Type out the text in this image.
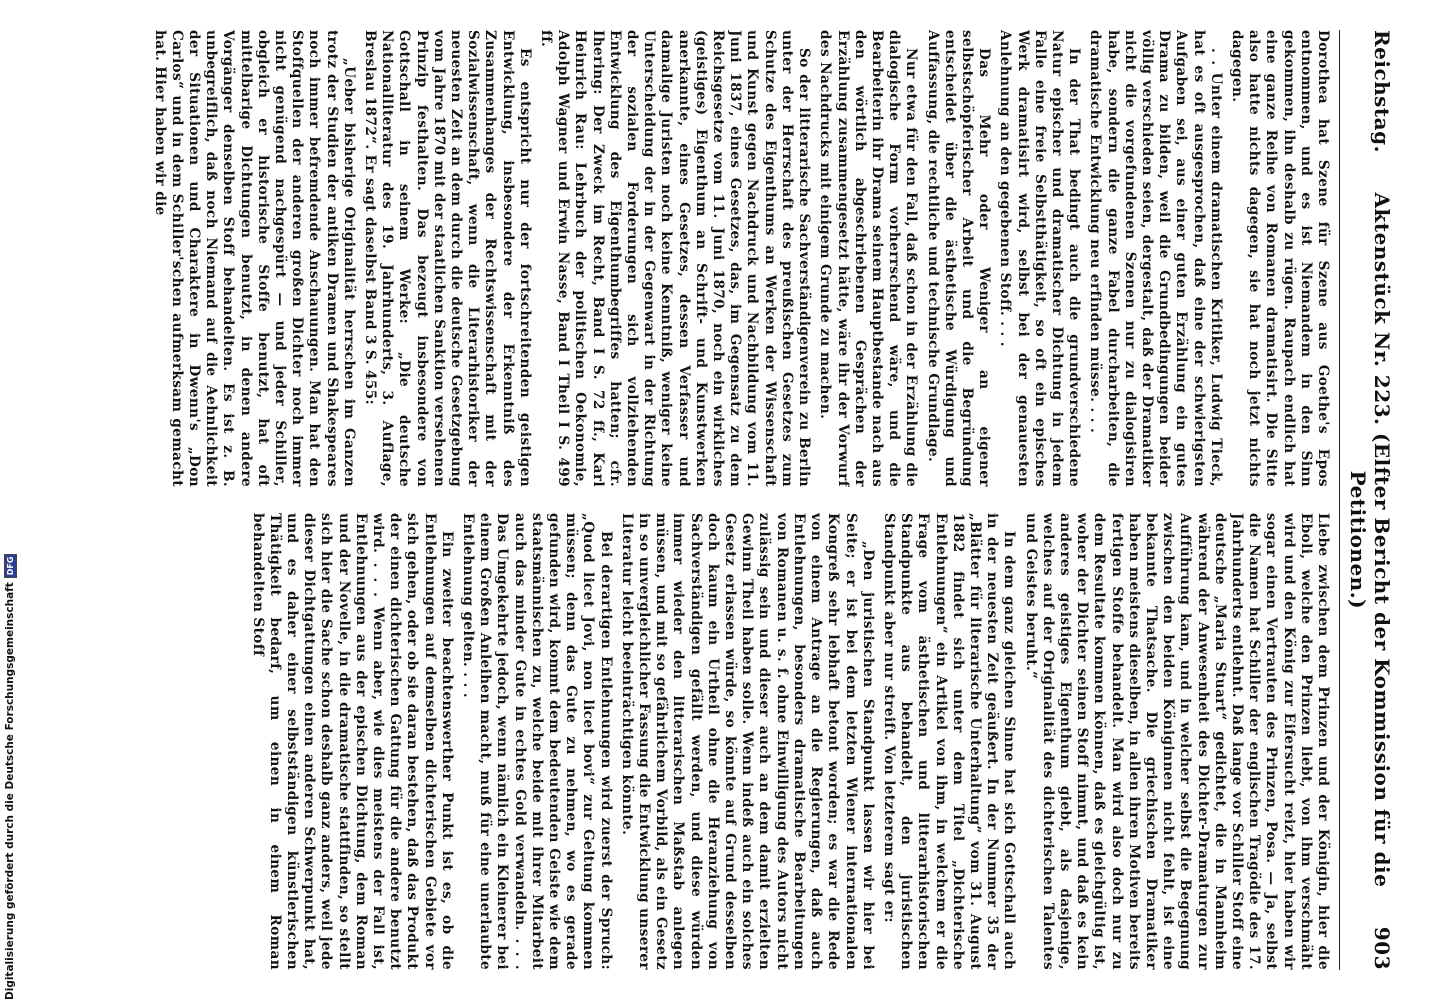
Reichstag.
Aktenstück Nr. 223. (Elfter Bericht der Kommission für die Petitionen.)
903

Dorothea hat Szene für Szene aus Goethe's Epos entnommen, und es ist Niemandem in den Sinn gekommen, ihn deshalb zu rügen. Raupach endlich hat eine ganze Reihe von Romanen dramatisirt. Die Sitte also hatte nichts dagegen, sie hat noch jetzt nichts dagegen.

. . Unter einem dramatischen Kritiker, Ludwig Tieck, hat es oft ausgesprochen, daß eine der schwierigsten Aufgaben sei, aus einer guten Erzählung ein gutes Drama zu bilden, weil die Grundbedingungen beider völlig verschieden seien, dergestalt, daß der Dramatiker nicht die vorgefundenen Szenen nur zu dialogisiren habe, sondern die ganze Fabel durcharbeiten, die dramatische Entwicklung neu erfinden müsse. . . .

In der That bedingt auch die grundverschiedene Natur epischer und dramatischer Dichtung in jedem Falle eine freie Selbstthätigkeit, so oft ein episches Werk dramatisirt wird, selbst bei der genauesten Anlehnung an den gegebenen Stoff. . . .

Das Mehr oder Weniger an eigener selbstschöpferischer Arbeit und die Begründung entscheidet über die ästhetische Würdigung und Auffassung, die rechtliche und technische Grundlage.

Nur etwa für den Fall, daß schon in der Erzählung die dialogische Form vorherrschend wäre, und die Bearbeiterin ihr Drama seinem Hauptbestande nach aus den wörtlich abgeschriebenen Gesprächen der Erzählung zusammengesetzt hätte, wäre ihr der Vorwurf des Nachdrucks mit einigem Grunde zu machen.

So der litterarische Sachverständigenverein zu Berlin unter der Herrschaft des preußischen Gesetzes zum Schutze des Eigenthums an Werken der Wissenschaft und Kunst gegen Nachdruck und Nachbildung vom 11. Juni 1837, eines Gesetzes, das, im Gegensatz zu dem Reichsgesetze vom 11. Juni 1870, noch ein wirkliches (geistiges) Eigenthum an Schrift- und Kunstwerken anerkannte, eines Gesetzes, dessen Verfasser und damalige Juristen noch keine Kenntniß, weniger keine Unterscheidung der in der Gegenwart in der Richtung der sozialen Forderungen sich vollziehenden Entwicklung des Eigenthumbegriffes hatten; cfr. Ihering: Der Zweck im Recht, Band I S. 72 ff., Karl Heinrich Rau: Lehrbuch der politischen Oekonomie, Adolph Wagner und Erwin Nasse, Band I Theil I S. 499 ff.

Es entspricht nur der fortschreitenden geistigen Entwicklung, insbesondere der Erkenntniß des Zusammenhanges der Rechtswissenschaft mit der Sozialwissenschaft, wenn die Literarhistoriker der neuesten Zeit an dem durch die deutsche Gesetzgebung vom Jahre 1870 mit der staatlichen Sanktion versehenen Prinzip festhalten. Das bezeugt insbesondere von Gottschall in seinem Werke: „Die deutsche Nationalliteratur des 19. Jahrhunderts, 3. Auflage, Breslau 1872“. Er sagt daselbst Band 3 S. 455:

„Ueber bisherige Originalität herrschen im Ganzen trotz der Studien der antiken Dramen und Shakespeares noch immer befremdende Anschauungen. Man hat den Stoffquellen der anderen großen Dichter noch immer nicht genügend nachgespürt — und jeder Schiller, obgleich er historische Stoffe benutzt, hat oft mittelbarige Dichtungen benutzt, in denen andere Vorgänger denselben Stoff behandelten. Es ist z. B. unbegreiflich, daß noch Niemand auf die Aehnlichkeit der Situationen und Charaktere in Dwenn's „Don Carlos“ und in dem Schiller'schen aufmerksam gemacht hat. Hier haben wir die

Liebe zwischen dem Prinzen und der Königin, hier die Eboli, welche den Prinzen liebt, von ihm verschmäht wird und den König zur Eifersucht reizt, hier haben wir sogar einen Vertrauten des Prinzen, Posa. — Ja, selbst die Namen hat Schiller der englischen Tragödie des 17. Jahrhunderts entlehnt. Daß lange vor Schiller Stoff eine deutsche „Maria Stuart“ gedichtet, die in Mannheim während der Anwesenheit des Dichter-Dramaturgen zur Aufführung kam, und in welcher selbst die Begegnung zwischen den beiden Königinnen nicht fehlt, ist eine bekannte Thatsache. Die griechischen Dramatiker haben meistens dieselben, in allen ihren Motiven bereits fertigen Stoffe behandelt. Man wird also doch nur zu dem Resultate kommen können, daß es gleichgültig ist, woher der Dichter seinen Stoff nimmt, und daß es kein anderes geistiges Eigenthum giebt, als dasjenige, welches auf der Originalität des dichterischen Talentes und Geistes beruht.“

In dem ganz gleichen Sinne hat sich Gottschall auch in der neuesten Zeit geäußert. In der Nummer 35 der „Blätter für literarische Unterhaltung“ vom 31. August 1882 findet sich unter dem Titel „Dichterische Entlehnungen“ ein Artikel von ihm, in welchem er die Frage vom ästhetischen und litterarhistorischen Standpunkte aus behandelt, den juristischen Standpunkt aber nur streift. Von letzterem sagt er:

„Den juristischen Standpunkt lassen wir hier bei Seite; er ist bei dem letzten Wiener internationalen Kongreß sehr lebhaft betont worden; es war die Rede von einem Antrage an die Regierungen, daß auch Entlehnungen, besonders dramatische Bearbeitungen von Romanen u. s. f. ohne Einwilligung des Autors nicht zulässig sein und dieser auch an dem damit erzielten Gewinn Theil haben solle. Wenn indeß auch ein solches Gesetz erlassen würde, so könnte auf Grund desselben doch kaum ein Urtheil ohne die Heranziehung von Sachverständigen gefällt werden, und diese würden immer wieder den litterarischen Maßstab anlegen müssen, und mit so gefährlichem Vorbild, als ein Gesetz in so unvergleichlicher Fassung die Entwicklung unserer Literatur leicht beeinträchtigen könnte.

Bei derartigen Entlehnungen wird zuerst der Spruch: „Quod licet Jovi, non licet bovi“ zur Geltung kommen müssen; denn das Gute zu nehmen, wo es gerade gefunden wird, kommt dem bedeutenden Geiste wie dem staatsmännischen zu, welche beide mit ihrer Mitarbeit auch das minder Gute in echtes Gold verwandeln. . . . Das Umgekehrte jedoch, wenn nämlich ein Kleinerer bei einem Großen Anleihen macht, muß für eine unerlaubte Entlehnung gelten. . . .

Ein zweiter beachtenswerther Punkt ist es, ob die Entlehnungen auf demselben dichterischen Gebiete vor sich gehen, oder ob sie daran bestehen, daß das Produkt der einen dichterischen Gattung für die andere benutzt wird. . . . Wenn aber, wie dies meistens der Fall ist, Entlehnungen aus der epischen Dichtung, dem Roman und der Novelle, in die dramatische stattfinden, so stellt sich hier die Sache schon deshalb ganz anders, weil jede dieser Dichtgattungen einen anderen Schwerpunkt hat, und es daher einer selbstständigen künstlerischen Thätigkeit bedarf, um einen in einem Roman behandelten Stoff

Digitalisierung gefördert durch die Deutsche Forschungsgemeinschaft
DFG
